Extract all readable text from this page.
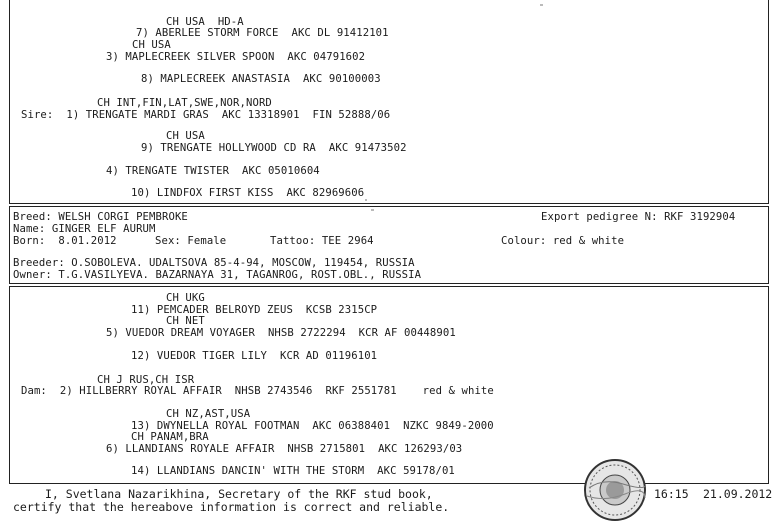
CH USA  HD-A
7) ABERLEE STORM FORCE  AKC DL 91412101
CH USA
3) MAPLECREEK SILVER SPOON  AKC 04791602
8) MAPLECREEK ANASTASIA  AKC 90100003
CH INT,FIN,LAT,SWE,NOR,NORD
Sire:  1) TRENGATE MARDI GRAS  AKC 13318901  FIN 52888/06
CH USA
9) TRENGATE HOLLYWOOD CD RA  AKC 91473502
4) TRENGATE TWISTER  AKC 05010604
10) LINDFOX FIRST KISS  AKC 82969606
Breed: WELSH CORGI PEMBROKE	Export pedigree N: RKF 3192904
Name: GINGER ELF AURUM
Born:  8.01.2012	Sex: Female	Tattoo: TEE 2964	Colour: red & white
Breeder: O.SOBOLEVA. UDALTSOVA 85-4-94, MOSCOW, 119454, RUSSIA
Owner: T.G.VASILYEVA. BAZARNAYA 31, TAGANROG, ROST.OBL., RUSSIA
CH UKG
11) PEMCADER BELROYD ZEUS  KCSB 2315CP
CH NET
5) VUEDOR DREAM VOYAGER  NHSB 2722294  KCR AF 00448901
12) VUEDOR TIGER LILY  KCR AD 01196101
CH J RUS,CH ISR
Dam:  2) HILLBERRY ROYAL AFFAIR  NHSB 2743546  RKF 2551781    red & white
CH NZ,AST,USA
13) DWYNELLA ROYAL FOOTMAN  AKC 06388401  NZKC 9849-2000
CH PANAM,BRA
6) LLANDIANS ROYALE AFFAIR  NHSB 2715801  AKC 126293/03
14) LLANDIANS DANCIN' WITH THE STORM  AKC 59178/01
I, Svetlana Nazarikhina, Secretary of the RKF stud book,
certify that the hereabove information is correct and reliable.
16:15 21.09.2012
